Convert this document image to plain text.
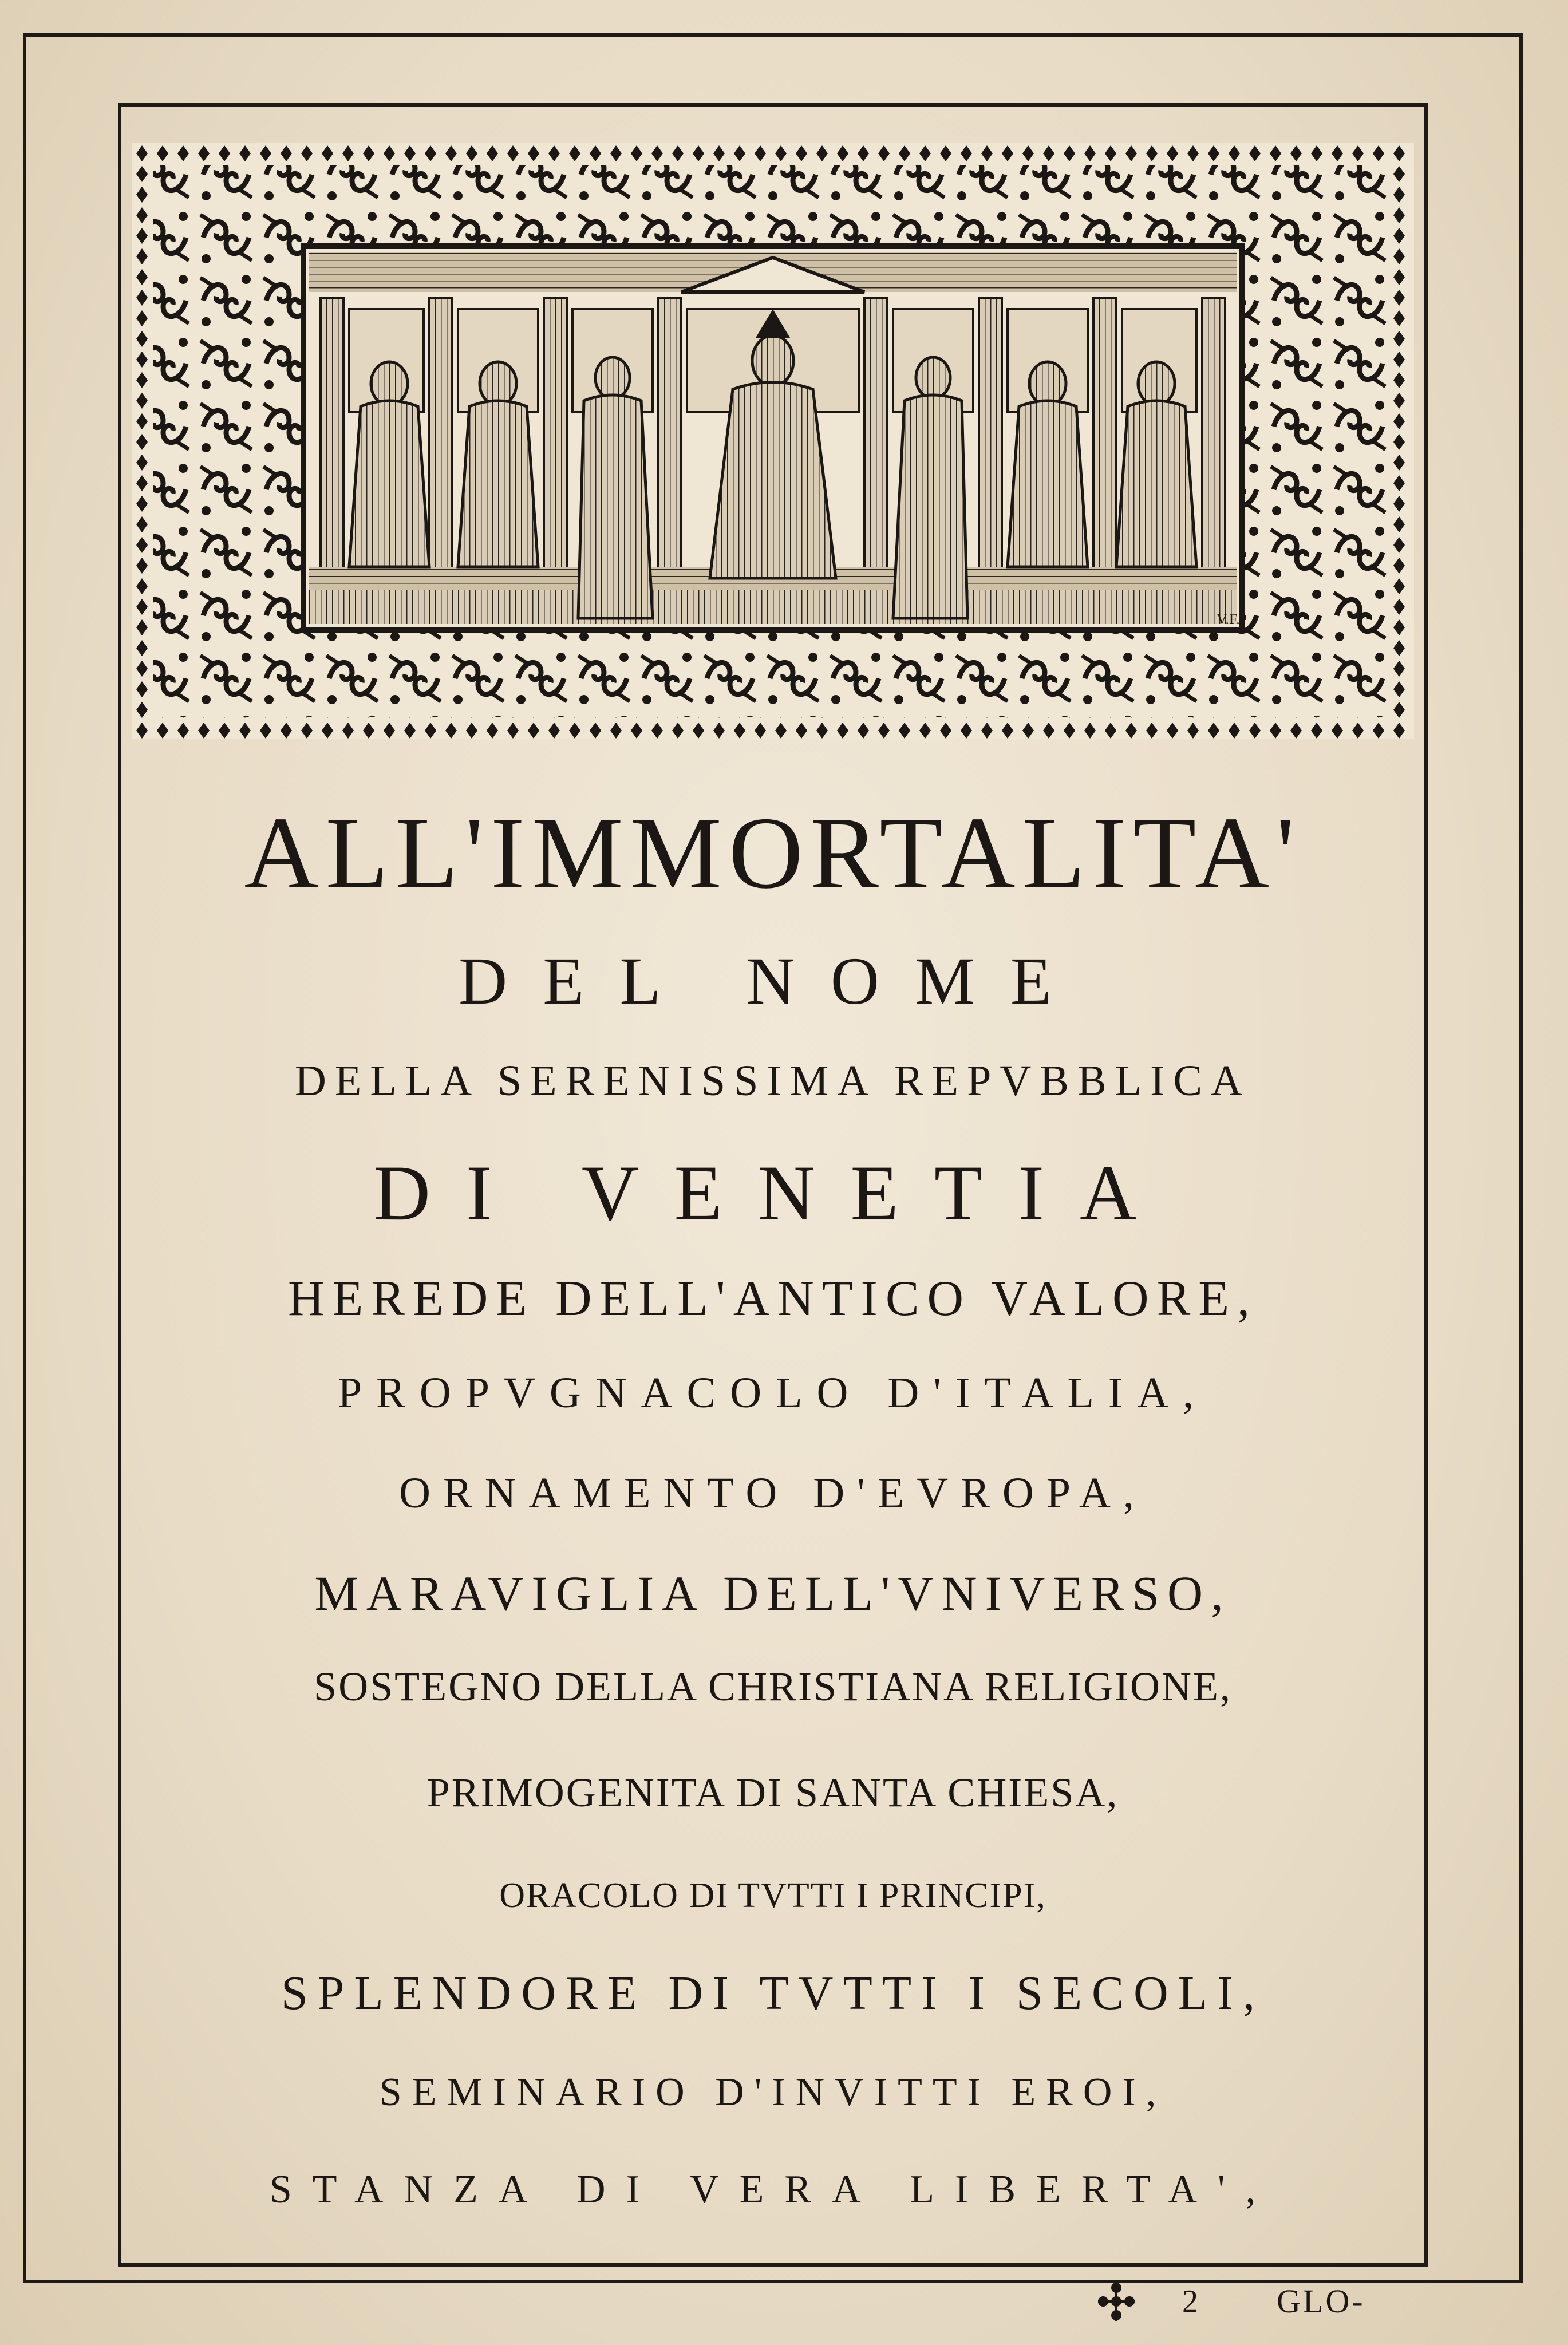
V.F.
ALL'IMMORTALITA'
DEL NOME
DELLA SERENISSIMA REPVBBLICA
DI VENETIA
HEREDE DELL'ANTICO VALORE,
PROPVGNACOLO D'ITALIA,
ORNAMENTO D'EVROPA,
MARAVIGLIA DELL'VNIVERSO,
SOSTEGNO DELLA CHRISTIANA RELIGIONE,
PRIMOGENITA DI SANTA CHIESA,
ORACOLO DI TVTTI I PRINCIPI,
SPLENDORE DI TVTTI I SECOLI,
SEMINARIO D'INVITTI EROI,
STANZA DI VERA LIBERTA',
2	GLO-
